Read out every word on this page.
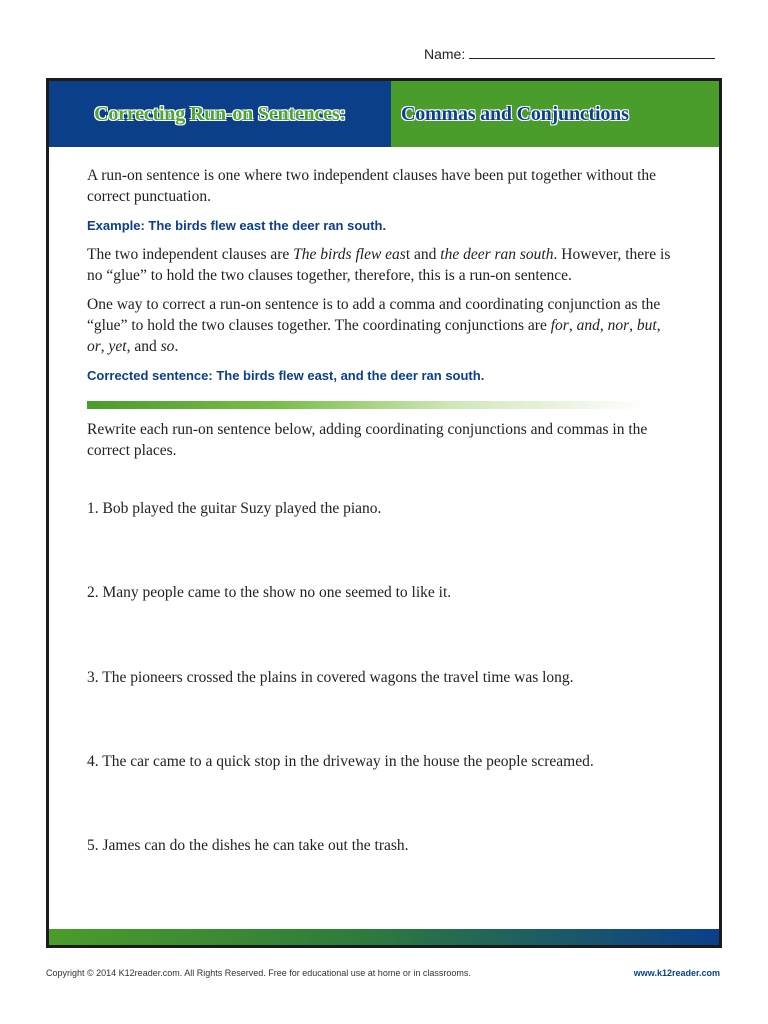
Name:
Correcting Run-on Sentences:	Commas and Conjunctions

A run-on sentence is one where two independent clauses have been put together without the correct punctuation.

Example: The birds flew east the deer ran south.

The two independent clauses are The birds flew east and the deer ran south. However, there is no “glue” to hold the two clauses together, therefore, this is a run-on sentence.

One way to correct a run-on sentence is to add a comma and coordinating conjunction as the “glue” to hold the two clauses together. The coordinating conjunctions are for, and, nor, but, or, yet, and so.

Corrected sentence: The birds flew east, and the deer ran south.

Rewrite each run-on sentence below, adding coordinating conjunctions and commas in the correct places.

1. Bob played the guitar Suzy played the piano.

2. Many people came to the show no one seemed to like it.

3. The pioneers crossed the plains in covered wagons the travel time was long.

4. The car came to a quick stop in the driveway in the house the people screamed.

5. James can do the dishes he can take out the trash.

Copyright © 2014 K12reader.com. All Rights Reserved. Free for educational use at home or in classrooms.	www.k12reader.com
